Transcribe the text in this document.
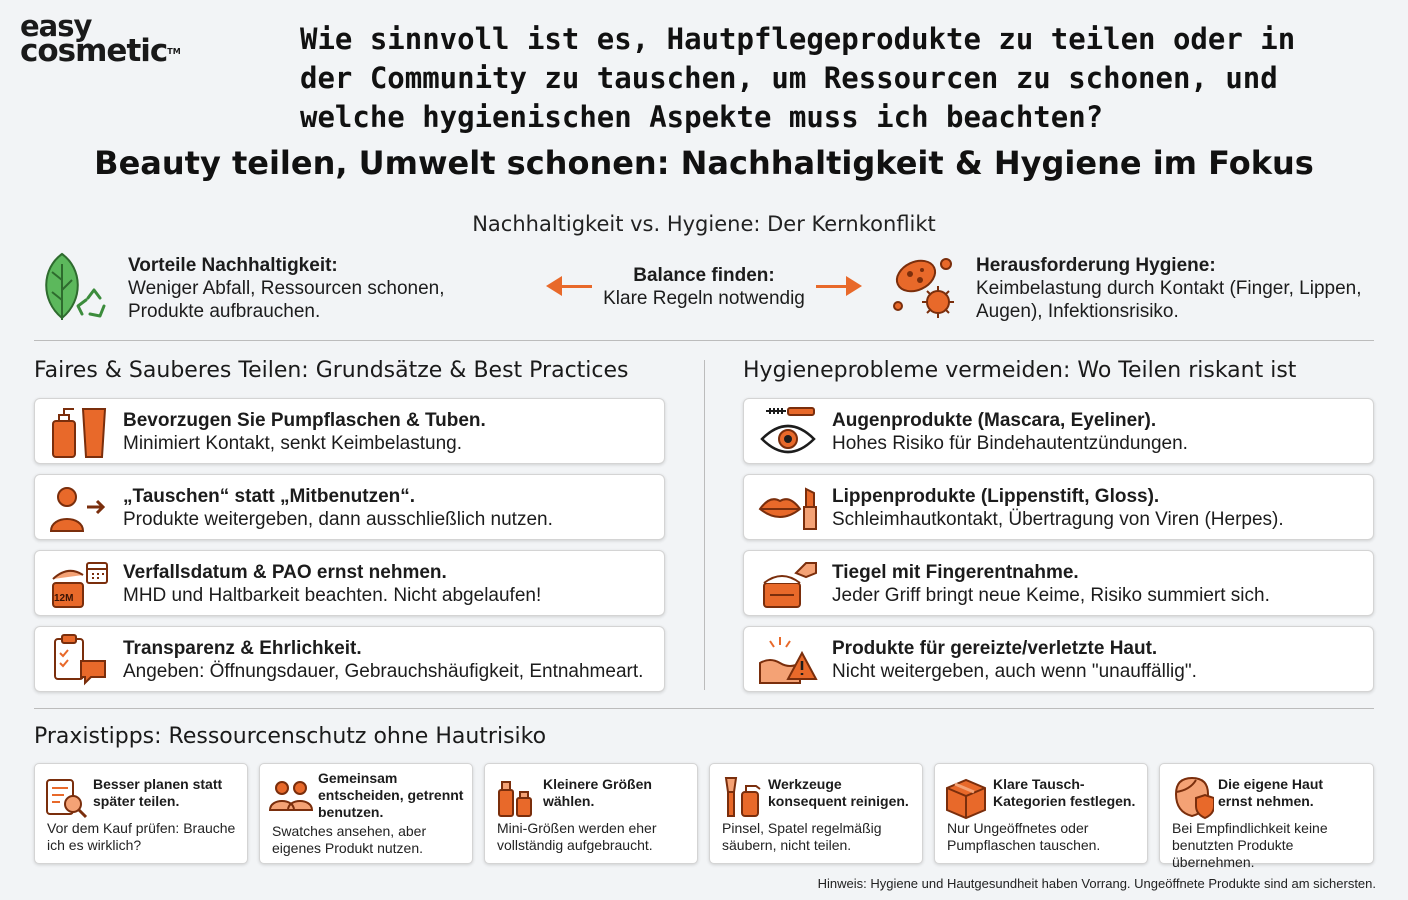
easy
cosmetic™	Wie sinnvoll ist es, Hautpflegeprodukte zu teilen oder in
der Community zu tauschen, um Ressourcen zu schonen, und
welche hygienischen Aspekte muss ich beachten?
Beauty teilen, Umwelt schonen: Nachhaltigkeit & Hygiene im Fokus
Nachhaltigkeit vs. Hygiene: Der Kernkonflikt
Vorteile Nachhaltigkeit:
Weniger Abfall, Ressourcen schonen,
Produkte aufbrauchen.
Balance finden:
Klare Regeln notwendig
Herausforderung Hygiene:
Keimbelastung durch Kontakt (Finger, Lippen,
Augen), Infektionsrisiko.
Faires & Sauberes Teilen: Grundsätze & Best Practices
Bevorzugen Sie Pumpflaschen & Tuben.
Minimiert Kontakt, senkt Keimbelastung.
„Tauschen“ statt „Mitbenutzen“.
Produkte weitergeben, dann ausschließlich nutzen.
12M
Verfallsdatum & PAO ernst nehmen.
MHD und Haltbarkeit beachten. Nicht abgelaufen!
Transparenz & Ehrlichkeit.
Angeben: Öffnungsdauer, Gebrauchshäufigkeit, Entnahmeart.
Hygieneprobleme vermeiden: Wo Teilen riskant ist
Augenprodukte (Mascara, Eyeliner).
Hohes Risiko für Bindehautentzündungen.
Lippenprodukte (Lippenstift, Gloss).
Schleimhautkontakt, Übertragung von Viren (Herpes).
Tiegel mit Fingerentnahme.
Jeder Griff bringt neue Keime, Risiko summiert sich.
Produkte für gereizte/verletzte Haut.
Nicht weitergeben, auch wenn "unauffällig".
Praxistipps: Ressourcenschutz ohne Hautrisiko
Besser planen statt später teilen.
Vor dem Kauf prüfen: Brauche ich es wirklich?
Gemeinsam entscheiden, getrennt benutzen.
Swatches ansehen, aber eigenes Produkt nutzen.
Kleinere Größen wählen.
Mini-Größen werden eher vollständig aufgebraucht.
Werkzeuge konsequent reinigen.
Pinsel, Spatel regelmäßig säubern, nicht teilen.
Klare Tausch-Kategorien festlegen.
Nur Ungeöffnetes oder Pumpflaschen tauschen.
Die eigene Haut ernst nehmen.
Bei Empfindlichkeit keine benutzten Produkte übernehmen.
Hinweis: Hygiene und Hautgesundheit haben Vorrang. Ungeöffnete Produkte sind am sichersten.
